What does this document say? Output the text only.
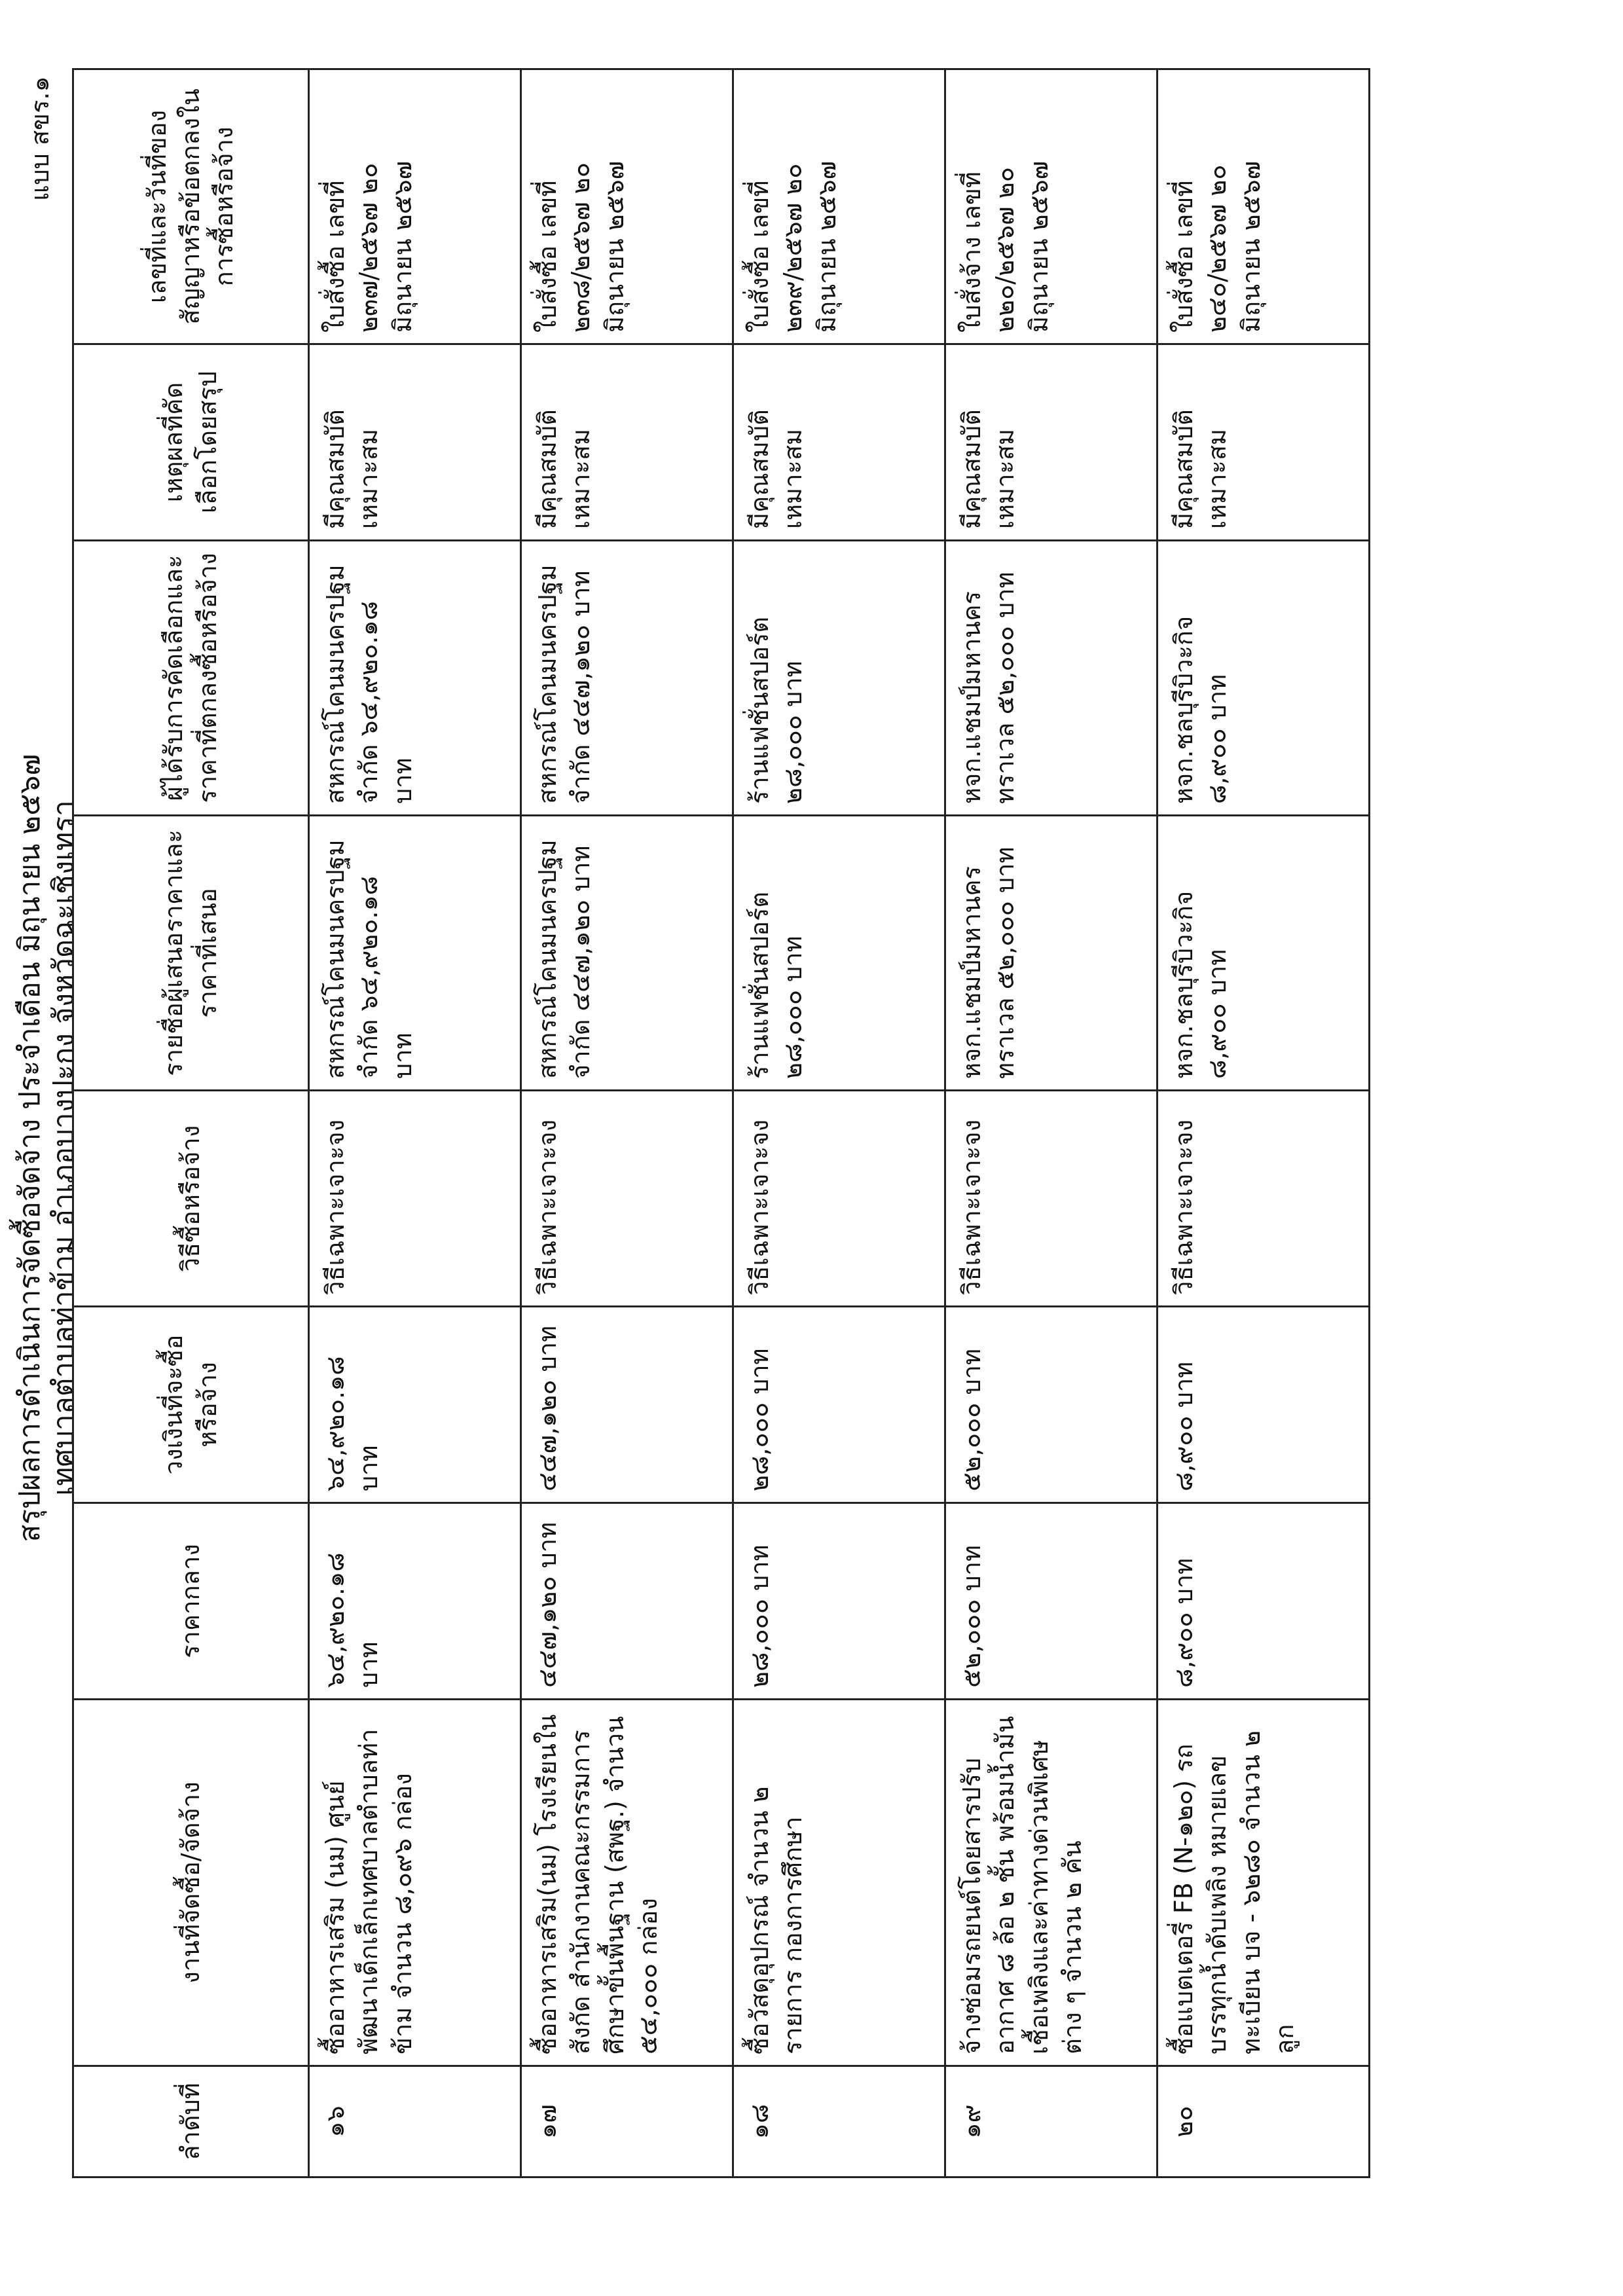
แบบ สขร.๑
สรุปผลการดำเนินการจัดซื้อจัดจ้าง ประจำเดือน มิถุนายน ๒๕๖๗ เทศบาลตำบลท่าข้าม อำเภอบางปะกง จังหวัดฉะเชิงเทรา
ลำดับที่	งานที่จัดซื้อ/จัดจ้าง	ราคากลาง	วงเงินที่จะซื้อหรือจ้าง	วิธีซื้อหรือจ้าง	รายชื่อผู้เสนอราคาและราคาที่เสนอ	ผู้ได้รับการคัดเลือกและราคาที่ตกลงซื้อหรือจ้าง	เหตุผลที่คัดเลือกโดยสรุป	เลขที่และวันที่ของสัญญาหรือข้อตกลงในการซื้อหรือจ้าง
๑๖	ซื้ออาหารเสริม (นม) ศูนย์พัฒนาเด็กเล็กเทศบาลตำบลท่าข้าม จำนวน ๘,๐๙๖ กล่อง	๖๔,๙๒๐.๑๘ บาท	๖๔,๙๒๐.๑๘ บาท	วิธีเฉพาะเจาะจง	สหกรณ์โคนมนครปฐม จำกัด ๖๔,๙๒๐.๑๘ บาท	สหกรณ์โคนมนครปฐม จำกัด ๖๔,๙๒๐.๑๘ บาท	มีคุณสมบัติเหมาะสม	ใบสั่งซื้อ เลขที่ ๒๓๗/๒๕๖๗ ๒๐ มิถุนายน ๒๕๖๗
๑๗	ซื้ออาหารเสริม(นม) โรงเรียนในสังกัด สำนักงานคณะกรรมการศึกษาขั้นพื้นฐาน (สพฐ.) จำนวน ๕๔,๐๐๐ กล่อง	๔๔๗,๑๒๐ บาท	๔๔๗,๑๒๐ บาท	วิธีเฉพาะเจาะจง	สหกรณ์โคนมนครปฐม จำกัด ๔๔๗,๑๒๐ บาท	สหกรณ์โคนมนครปฐม จำกัด ๔๔๗,๑๒๐ บาท	มีคุณสมบัติเหมาะสม	ใบสั่งซื้อ เลขที่ ๒๓๘/๒๕๖๗ ๒๐ มิถุนายน ๒๕๖๗
๑๘	ซื้อวัสดุอุปกรณ์ จำนวน ๒ รายการ กองการศึกษา	๒๘,๐๐๐ บาท	๒๘,๐๐๐ บาท	วิธีเฉพาะเจาะจง	ร้านแฟชั่นสปอร์ต ๒๘,๐๐๐ บาท	ร้านแฟชั่นสปอร์ต ๒๘,๐๐๐ บาท	มีคุณสมบัติเหมาะสม	ใบสั่งซื้อ เลขที่ ๒๓๙/๒๕๖๗ ๒๐ มิถุนายน ๒๕๖๗
๑๙	จ้างซ่อมรถยนต์โดยสารปรับอากาศ ๘ ล้อ ๒ ชั้น พร้อมน้ำมันเชื้อเพลิงและค่าทางด่วนพิเศษต่าง ๆ จำนวน ๒ คัน	๕๒,๐๐๐ บาท	๕๒,๐๐๐ บาท	วิธีเฉพาะเจาะจง	หจก.แชมป์มหานคร ทราเวล ๕๒,๐๐๐ บาท	หจก.แชมป์มหานคร ทราเวล ๕๒,๐๐๐ บาท	มีคุณสมบัติเหมาะสม	ใบสั่งจ้าง เลขที่ ๒๒๐/๒๕๖๗ ๒๐ มิถุนายน ๒๕๖๗
๒๐	ซื้อแบตเตอรี่ FB (N-๑๒๐) รถบรรทุกน้ำดับเพลิง หมายเลขทะเบียน บจ - ๖๒๘๐ จำนวน ๒ ลูก	๘,๙๐๐ บาท	๘,๙๐๐ บาท	วิธีเฉพาะเจาะจง	หจก.ชลบุรีบิวะกิจ ๘,๙๐๐ บาท	หจก.ชลบุรีบิวะกิจ ๘,๙๐๐ บาท	มีคุณสมบัติเหมาะสม	ใบสั่งซื้อ เลขที่ ๒๔๐/๒๕๖๗ ๒๐ มิถุนายน ๒๕๖๗
